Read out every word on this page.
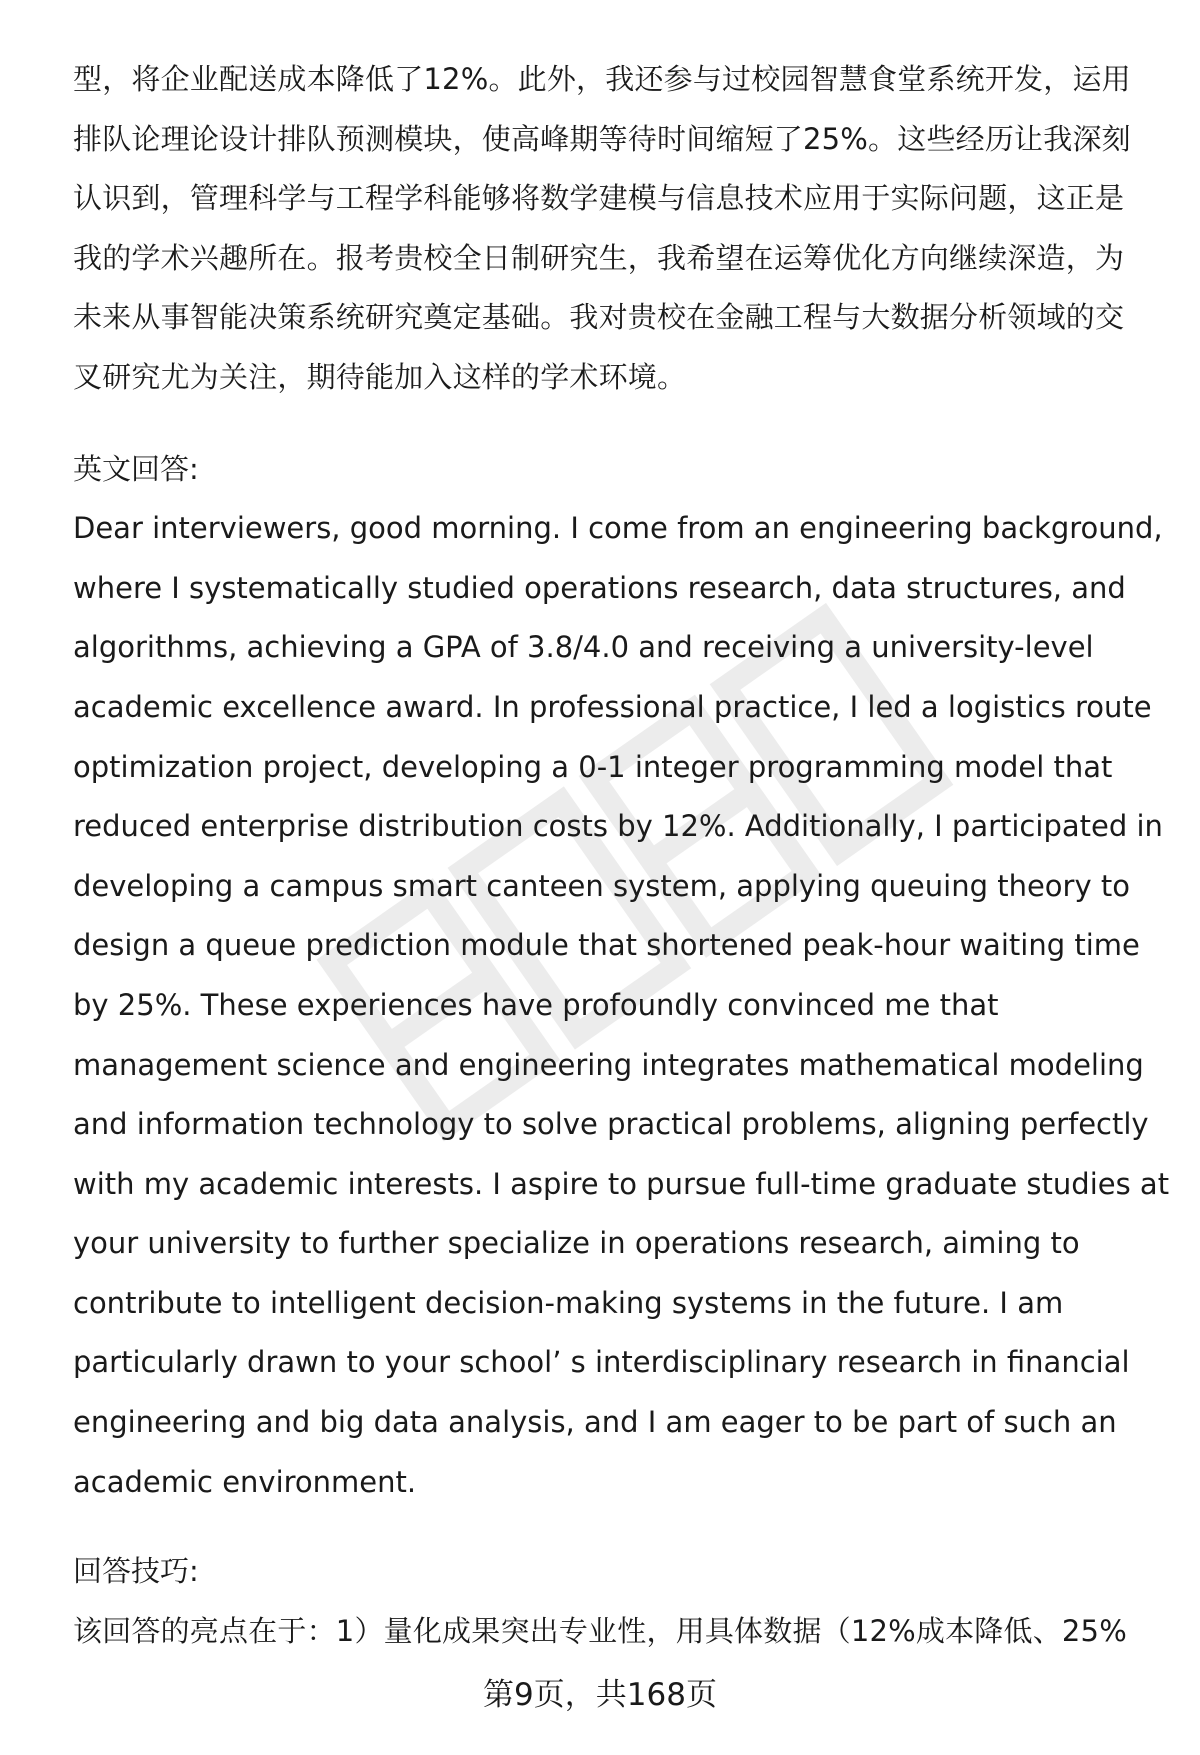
型，将企业配送成本降低了12%。此外，我还参与过校园智慧食堂系统开发，运用
排队论理论设计排队预测模块，使高峰期等待时间缩短了25%。这些经历让我深刻
认识到，管理科学与工程学科能够将数学建模与信息技术应用于实际问题，这正是
我的学术兴趣所在。报考贵校全日制研究生，我希望在运筹优化方向继续深造，为
未来从事智能决策系统研究奠定基础。我对贵校在金融工程与大数据分析领域的交
叉研究尤为关注，期待能加入这样的学术环境。

英文回答:

Dear interviewers, good morning. I come from an engineering background,
where I systematically studied operations research, data structures, and
algorithms, achieving a GPA of 3.8/4.0 and receiving a university-level
academic excellence award. In professional practice, I led a logistics route
optimization project, developing a 0-1 integer programming model that
reduced enterprise distribution costs by 12%. Additionally, I participated in
developing a campus smart canteen system, applying queuing theory to
design a queue prediction module that shortened peak-hour waiting time
by 25%. These experiences have profoundly convinced me that
management science and engineering integrates mathematical modeling
and information technology to solve practical problems, aligning perfectly
with my academic interests. I aspire to pursue full-time graduate studies at
your university to further specialize in operations research, aiming to
contribute to intelligent decision-making systems in the future. I am
particularly drawn to your school’ s interdisciplinary research in financial
engineering and big data analysis, and I am eager to be part of such an
academic environment.

回答技巧:

该回答的亮点在于：1）量化成果突出专业性，用具体数据（12%成本降低、25%

第9页，共168页
